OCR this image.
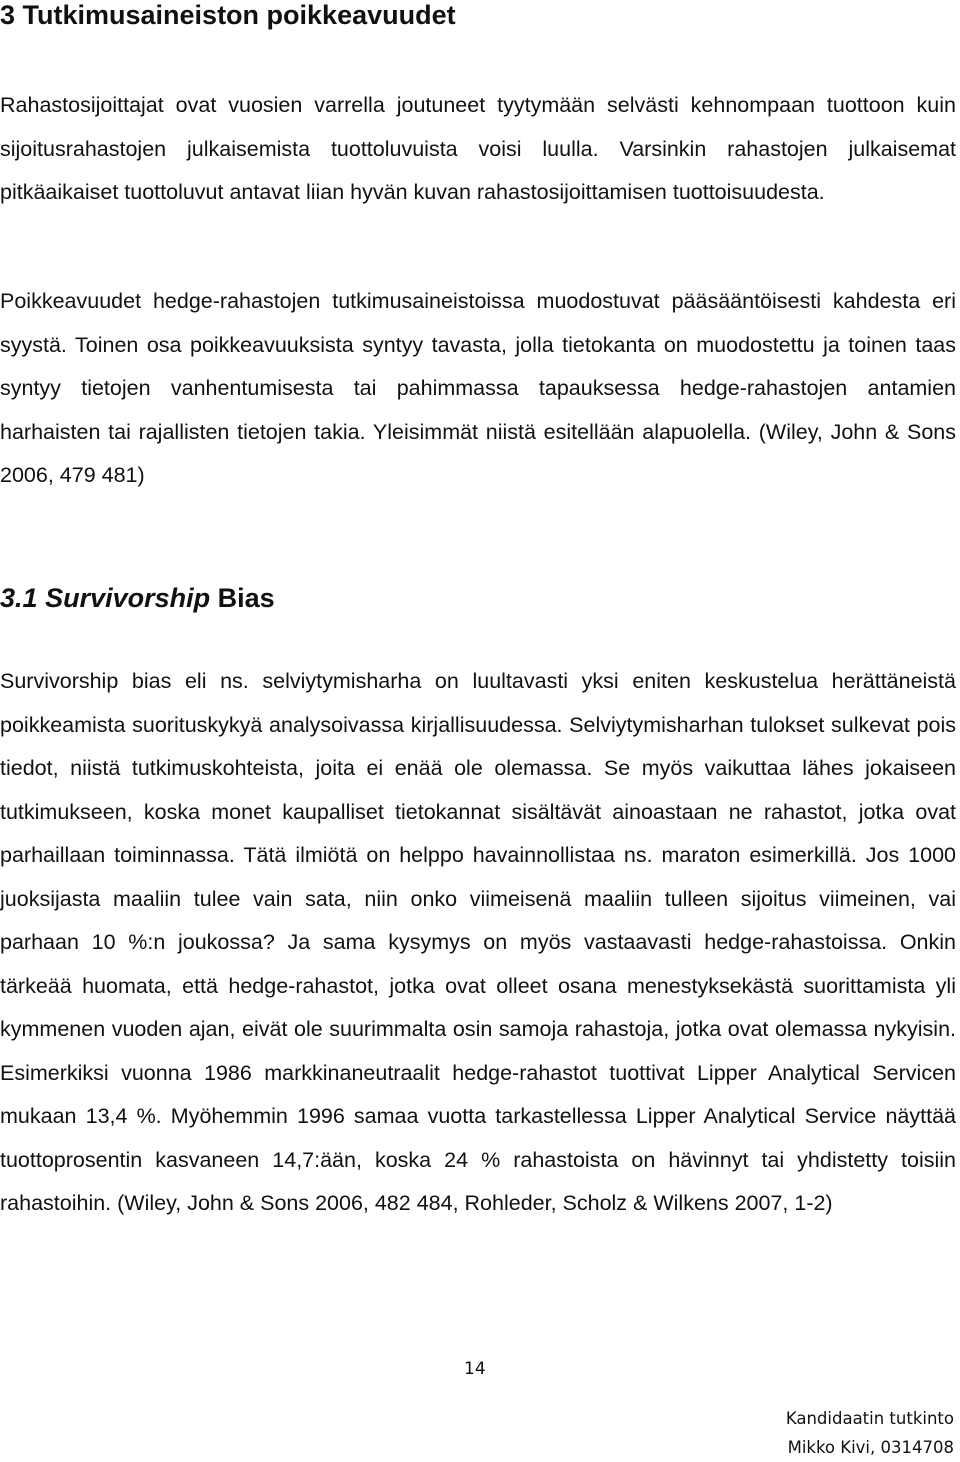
3 Tutkimusaineiston poikkeavuudet

Rahastosijoittajat ovat vuosien varrella joutuneet tyytymään selvästi kehnompaan tuottoon kuin sijoitusrahastojen julkaisemista tuottoluvuista voisi luulla. Varsinkin rahastojen julkaisemat pitkäaikaiset tuottoluvut antavat liian hyvän kuvan rahastosijoittamisen tuottoisuudesta.

Poikkeavuudet hedge-rahastojen tutkimusaineistoissa muodostuvat pääsääntöisesti kahdesta eri syystä. Toinen osa poikkeavuuksista syntyy tavasta, jolla tietokanta on muodostettu ja toinen taas syntyy tietojen vanhentumisesta tai pahimmassa tapauksessa hedge-rahastojen antamien harhaisten tai rajallisten tietojen takia. Yleisimmät niistä esitellään alapuolella. (Wiley, John & Sons 2006, 479 481)

3.1 Survivorship Bias

Survivorship bias eli ns. selviytymisharha on luultavasti yksi eniten keskustelua herättäneistä poikkeamista suorituskykyä analysoivassa kirjallisuudessa. Selviytymisharhan tulokset sulkevat pois tiedot, niistä tutkimuskohteista, joita ei enää ole olemassa. Se myös vaikuttaa lähes jokaiseen tutkimukseen, koska monet kaupalliset tietokannat sisältävät ainoastaan ne rahastot, jotka ovat parhaillaan toiminnassa. Tätä ilmiötä on helppo havainnollistaa ns. maraton esimerkillä. Jos 1000 juoksijasta maaliin tulee vain sata, niin onko viimeisenä maaliin tulleen sijoitus viimeinen, vai parhaan 10 %:n joukossa? Ja sama kysymys on myös vastaavasti hedge-rahastoissa. Onkin tärkeää huomata, että hedge-rahastot, jotka ovat olleet osana menestyksekästä suorittamista yli kymmenen vuoden ajan, eivät ole suurimmalta osin samoja rahastoja, jotka ovat olemassa nykyisin. Esimerkiksi vuonna 1986 markkinaneutraalit hedge-rahastot tuottivat Lipper Analytical Servicen mukaan 13,4 %. Myöhemmin 1996 samaa vuotta tarkastellessa Lipper Analytical Service näyttää tuottoprosentin kasvaneen 14,7:ään, koska 24 % rahastoista on hävinnyt tai yhdistetty toisiin rahastoihin. (Wiley, John & Sons 2006, 482 484, Rohleder, Scholz & Wilkens 2007, 1-2)

14
Kandidaatin tutkinto
Mikko Kivi, 0314708
